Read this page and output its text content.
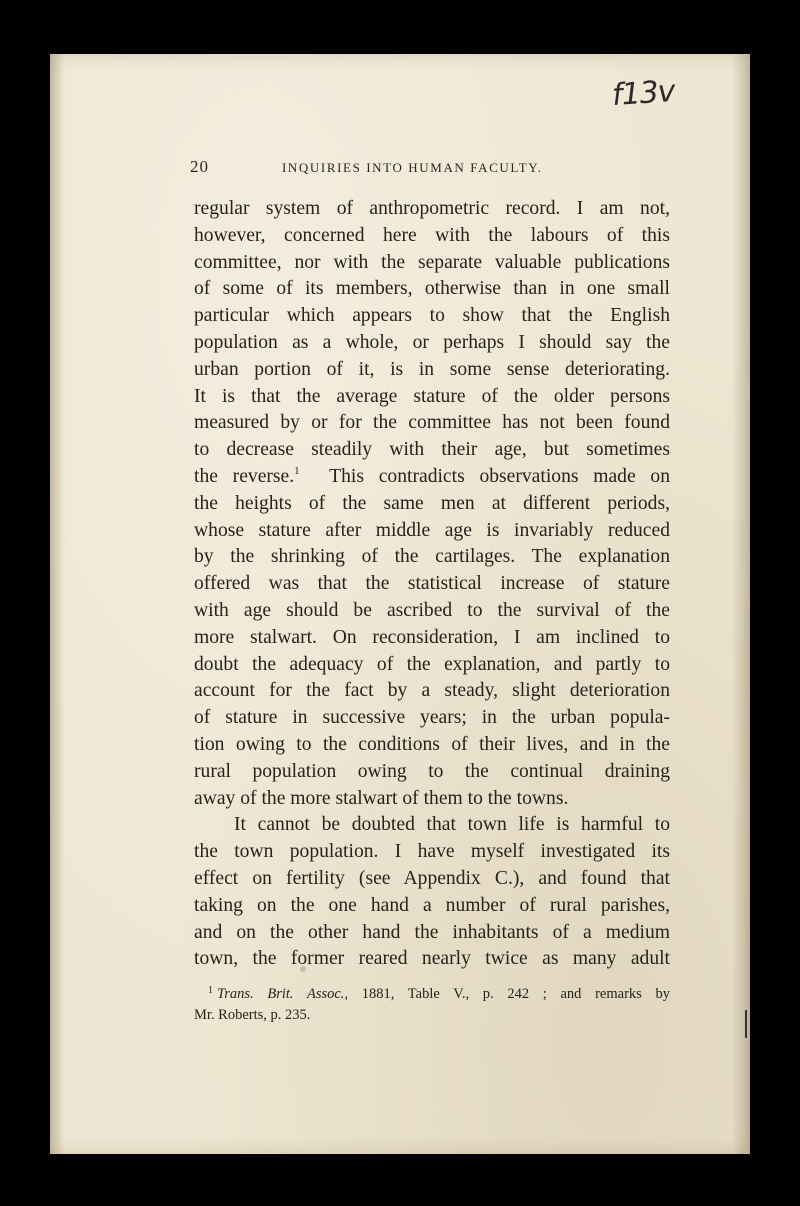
f13v
20	INQUIRIES INTO HUMAN FACULTY.
regular system of anthropometric record. I am not,
however, concerned here with the labours of this
committee, nor with the separate valuable publications
of some of its members, otherwise than in one small
particular which appears to show that the English
population as a whole, or perhaps I should say the
urban portion of it, is in some sense deteriorating.
It is that the average stature of the older persons
measured by or for the committee has not been found
to decrease steadily with their age, but sometimes
the reverse.$^1$ This contradicts observations made on
the heights of the same men at different periods,
whose stature after middle age is invariably reduced
by the shrinking of the cartilages. The explanation
offered was that the statistical increase of stature
with age should be ascribed to the survival of the
more stalwart. On reconsideration, I am inclined to
doubt the adequacy of the explanation, and partly to
account for the fact by a steady, slight deterioration
of stature in successive years; in the urban popula-
tion owing to the conditions of their lives, and in the
rural population owing to the continual draining
away of the more stalwart of them to the towns.
It cannot be doubted that town life is harmful to
the town population. I have myself investigated its
effect on fertility (see Appendix C.), and found that
taking on the one hand a number of rural parishes,
and on the other hand the inhabitants of a medium
town, the former reared nearly twice as many adult
$^1$ Trans. Brit. Assoc., 1881, Table V., p. 242 ; and remarks by
Mr. Roberts, p. 235.
